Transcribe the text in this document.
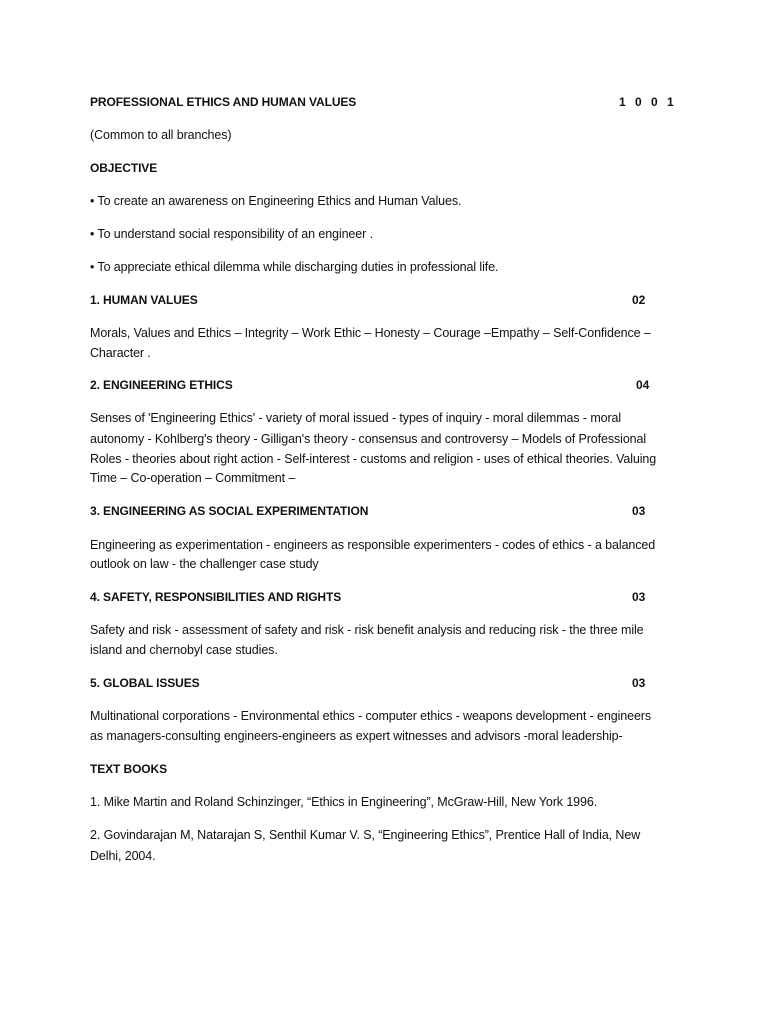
PROFESSIONAL ETHICS AND HUMAN VALUES	1 0 0 1

(Common to all branches)

OBJECTIVE

• To create an awareness on Engineering Ethics and Human Values.

• To understand social responsibility of an engineer .

• To appreciate ethical dilemma while discharging duties in professional life.

1. HUMAN VALUES	02

Morals, Values and Ethics – Integrity – Work Ethic – Honesty – Courage –Empathy – Self-Confidence –

Character .

2. ENGINEERING ETHICS	04

Senses of 'Engineering Ethics' - variety of moral issued - types of inquiry - moral dilemmas - moral

autonomy - Kohlberg's theory - Gilligan's theory - consensus and controversy – Models of Professional

Roles - theories about right action - Self-interest - customs and religion - uses of ethical theories. Valuing

Time – Co-operation – Commitment –

3. ENGINEERING AS SOCIAL EXPERIMENTATION	03

Engineering as experimentation - engineers as responsible experimenters - codes of ethics - a balanced

outlook on law - the challenger case study

4. SAFETY, RESPONSIBILITIES AND RIGHTS	03

Safety and risk - assessment of safety and risk - risk benefit analysis and reducing risk - the three mile

island and chernobyl case studies.

5. GLOBAL ISSUES	03

Multinational corporations - Environmental ethics - computer ethics - weapons development - engineers

as managers-consulting engineers-engineers as expert witnesses and advisors -moral leadership-

TEXT BOOKS

1. Mike Martin and Roland Schinzinger, “Ethics in Engineering”, McGraw-Hill, New York 1996.

2. Govindarajan M, Natarajan S, Senthil Kumar V. S, “Engineering Ethics”, Prentice Hall of India, New

Delhi, 2004.
